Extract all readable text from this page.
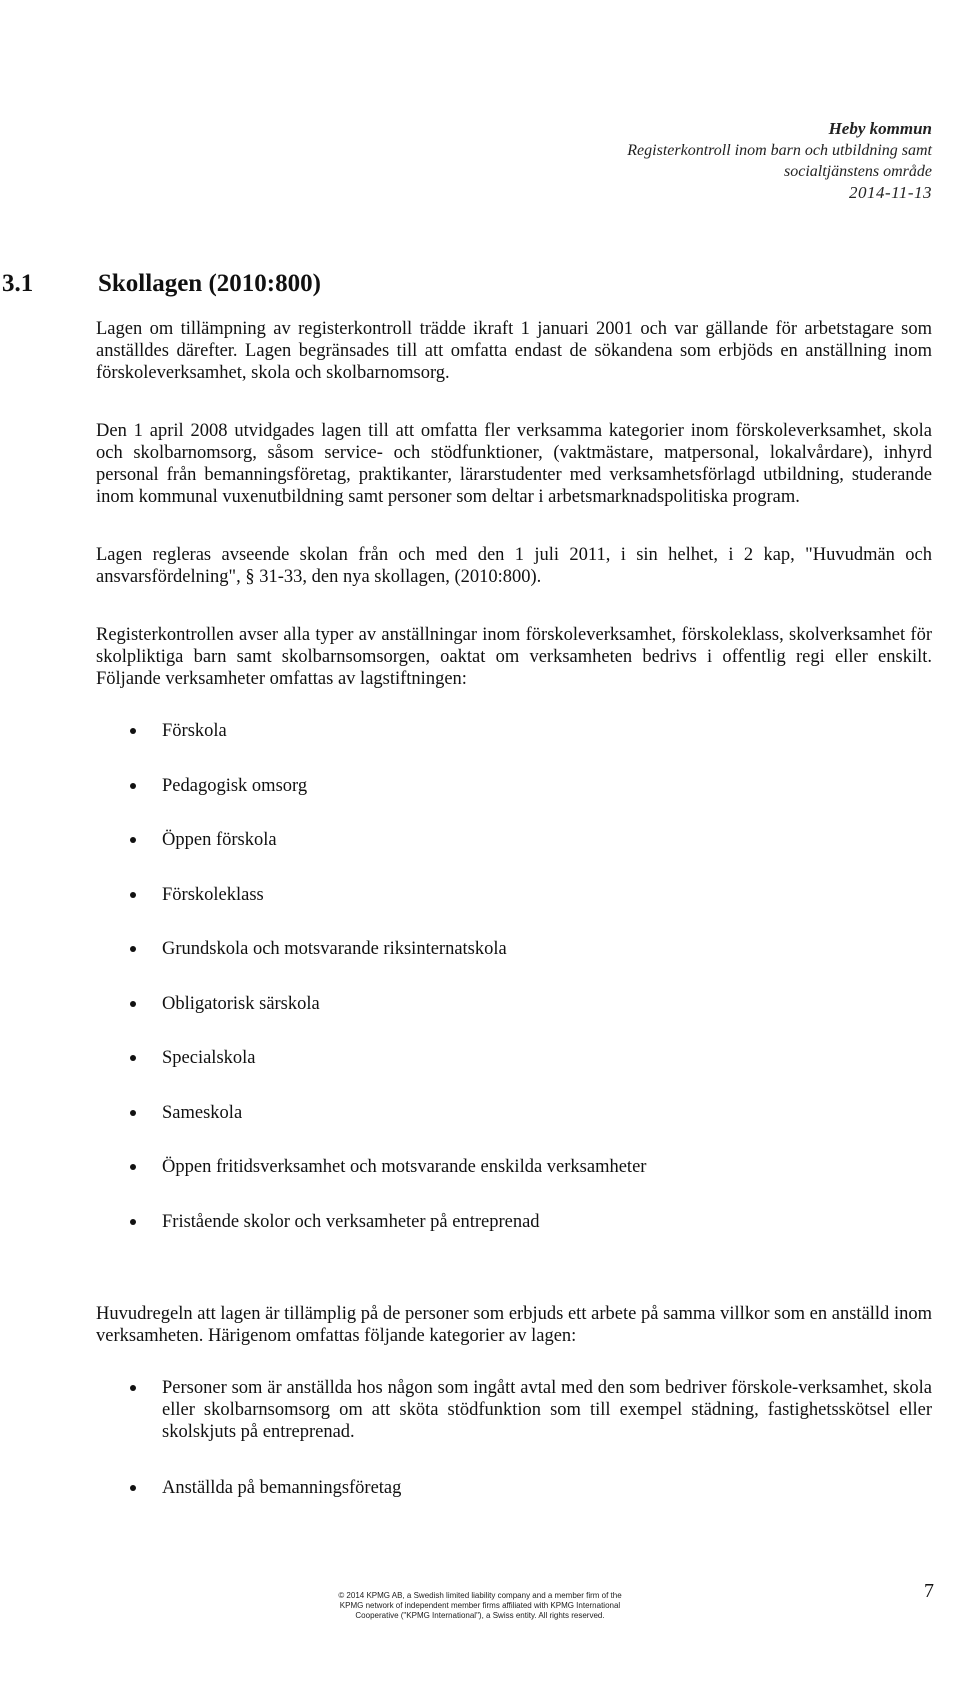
Heby kommun
Registerkontroll inom barn och utbildning samt
socialtjänstens område
2014-11-13
3.1	Skollagen (2010:800)

Lagen om tillämpning av registerkontroll trädde ikraft 1 januari 2001 och var gällande för arbetstagare som anställdes därefter. Lagen begränsades till att omfatta endast de sökandena som erbjöds en anställning inom förskoleverksamhet, skola och skolbarnomsorg.

Den 1 april 2008 utvidgades lagen till att omfatta fler verksamma kategorier inom förskoleverksamhet, skola och skolbarnomsorg, såsom service- och stödfunktioner, (vaktmästare, matpersonal, lokalvårdare), inhyrd personal från bemanningsföretag, praktikanter, lärarstudenter med verksamhetsförlagd utbildning, studerande inom kommunal vuxenutbildning samt personer som deltar i arbetsmarknadspolitiska program.

Lagen regleras avseende skolan från och med den 1 juli 2011, i sin helhet, i 2 kap, "Huvudmän och ansvarsfördelning", § 31-33, den nya skollagen, (2010:800).

Registerkontrollen avser alla typer av anställningar inom förskoleverksamhet, förskoleklass, skolverksamhet för skolpliktiga barn samt skolbarnsomsorgen, oaktat om verksamheten bedrivs i offentlig regi eller enskilt. Följande verksamheter omfattas av lagstiftningen:

Förskola
Pedagogisk omsorg
Öppen förskola
Förskoleklass
Grundskola och motsvarande riksinternatskola
Obligatorisk särskola
Specialskola
Sameskola
Öppen fritidsverksamhet och motsvarande enskilda verksamheter
Fristående skolor och verksamheter på entreprenad

Huvudregeln att lagen är tillämplig på de personer som erbjuds ett arbete på samma villkor som en anställd inom verksamheten. Härigenom omfattas följande kategorier av lagen:

Personer som är anställda hos någon som ingått avtal med den som bedriver förskole-verksamhet, skola eller skolbarnsomsorg om att sköta stödfunktion som till exempel städning, fastighetsskötsel eller skolskjuts på entreprenad.
Anställda på bemanningsföretag
© 2014 KPMG AB, a Swedish limited liability company and a member firm of the
KPMG network of independent member firms affiliated with KPMG International
Cooperative ("KPMG International"), a Swiss entity. All rights reserved.
7
